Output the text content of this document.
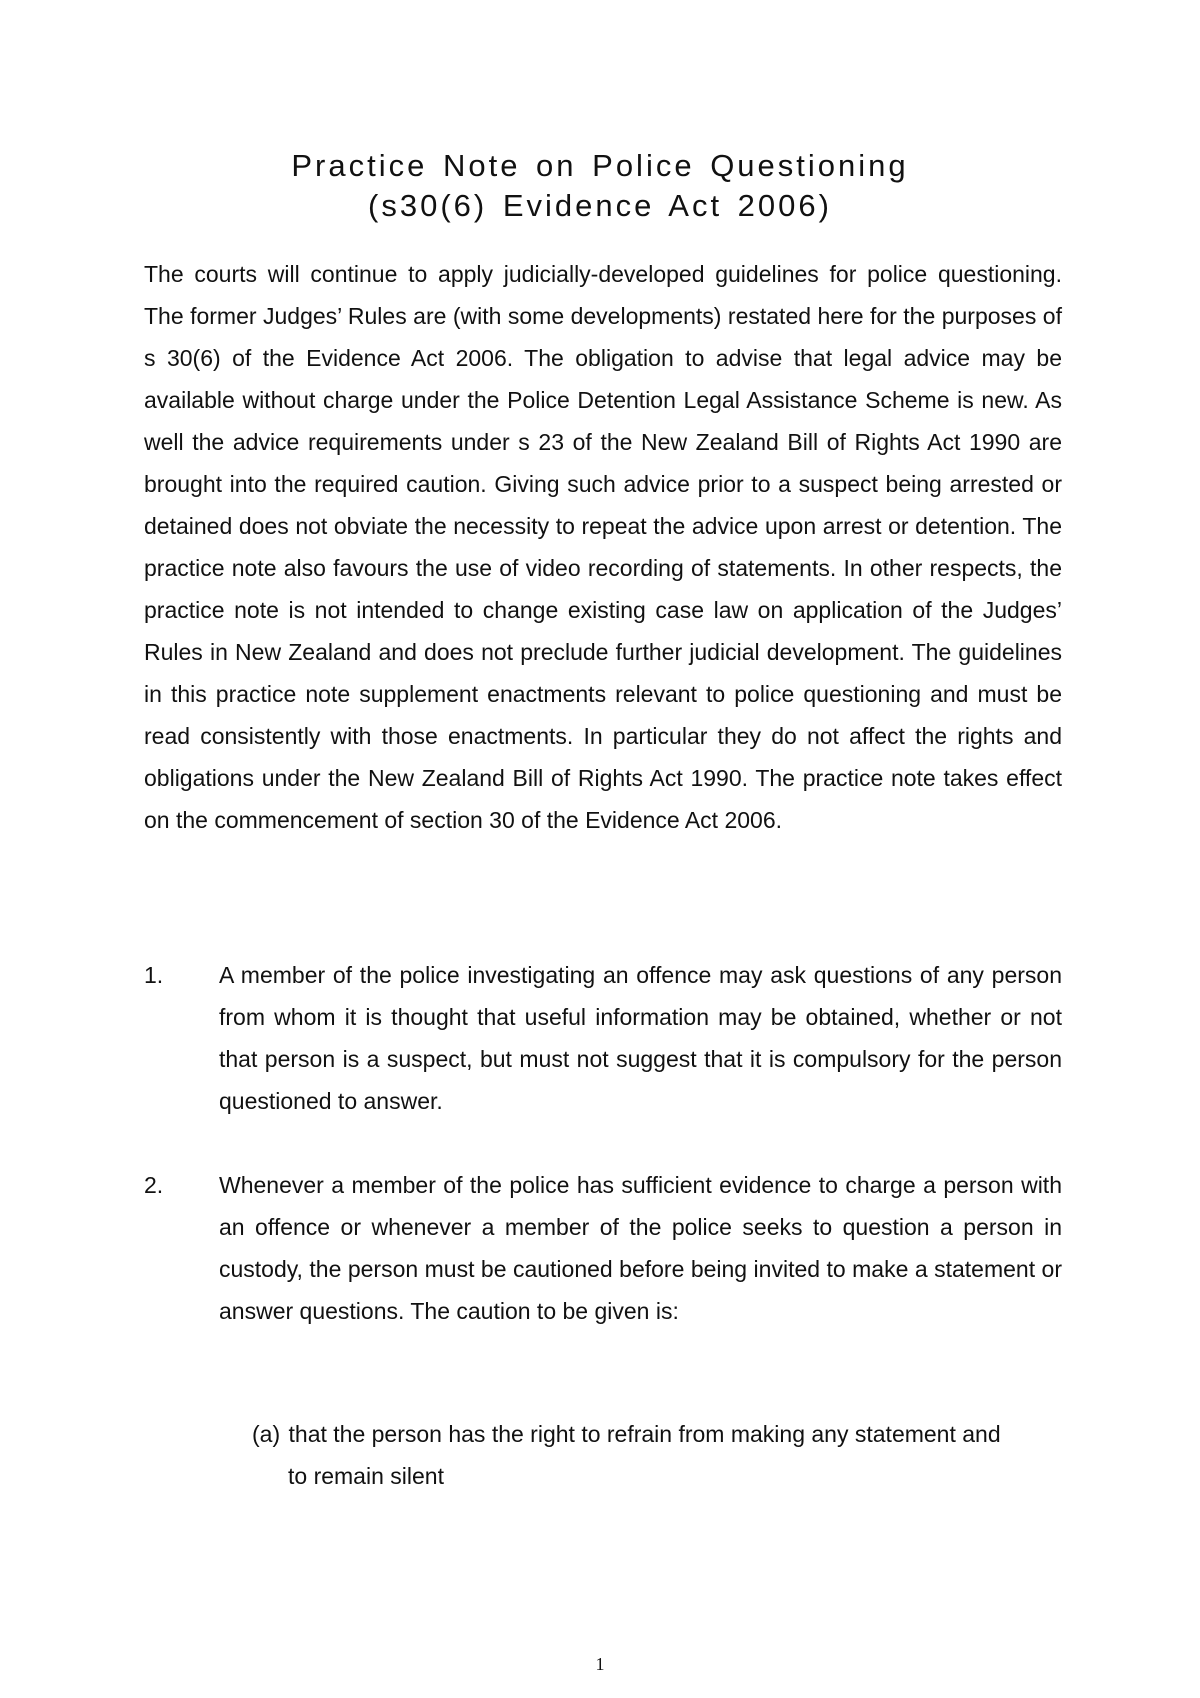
Practice Note on Police Questioning
(s30(6) Evidence Act 2006)

The courts will continue to apply judicially-developed guidelines for police questioning. The former Judges’ Rules are (with some developments) restated here for the purposes of s 30(6) of the Evidence Act 2006. The obligation to advise that legal advice may be available without charge under the Police Detention Legal Assistance Scheme is new. As well the advice requirements under s 23 of the New Zealand Bill of Rights Act 1990 are brought into the required caution. Giving such advice prior to a suspect being arrested or detained does not obviate the necessity to repeat the advice upon arrest or detention. The practice note also favours the use of video recording of statements. In other respects, the practice note is not intended to change existing case law on application of the Judges’ Rules in New Zealand and does not preclude further judicial development. The guidelines in this practice note supplement enactments relevant to police questioning and must be read consistently with those enactments. In particular they do not affect the rights and obligations under the New Zealand Bill of Rights Act 1990. The practice note takes effect on the commencement of section 30 of the Evidence Act 2006.

1. A member of the police investigating an offence may ask questions of any person from whom it is thought that useful information may be obtained, whether or not that person is a suspect, but must not suggest that it is compulsory for the person questioned to answer.
2. Whenever a member of the police has sufficient evidence to charge a person with an offence or whenever a member of the police seeks to question a person in custody, the person must be cautioned before being invited to make a statement or answer questions. The caution to be given is:
(a) that the person has the right to refrain from making any statement and
to remain silent
1
